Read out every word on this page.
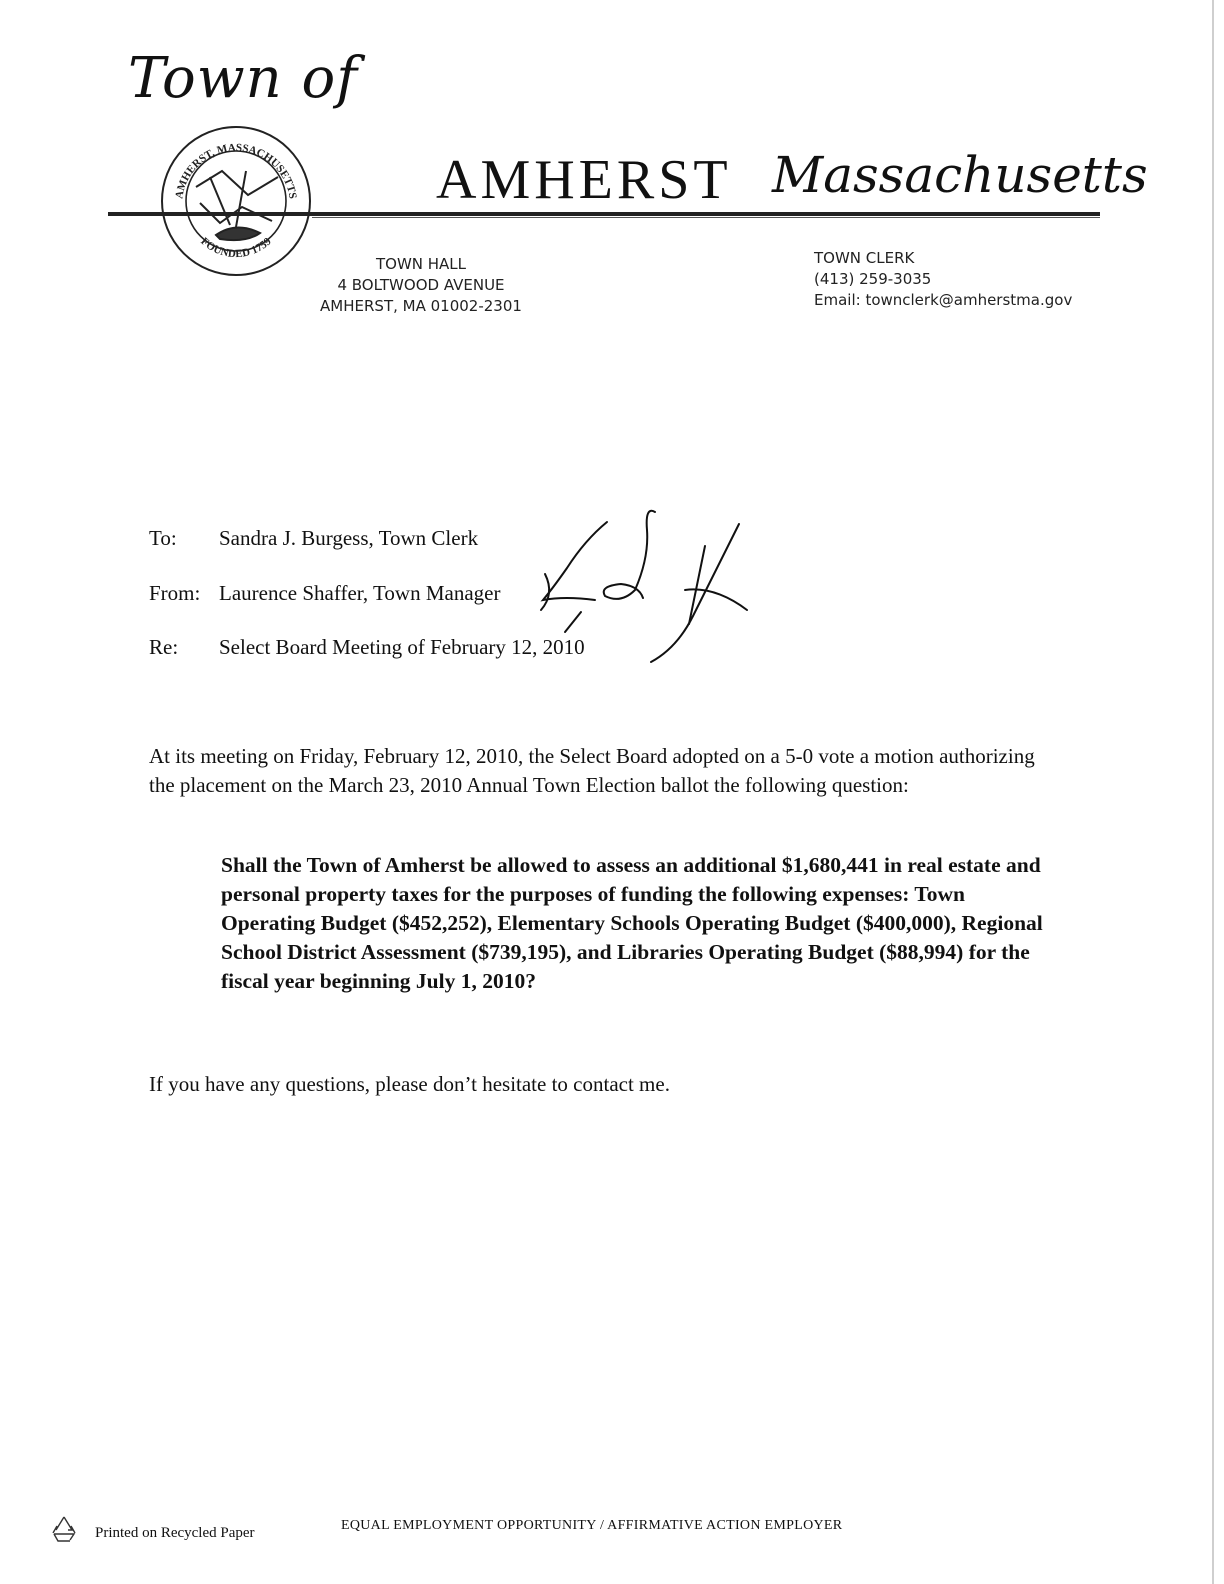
Town of
AMHERST, MASSACHUSETTS
FOUNDED 1759
AMHERST Massachusetts
TOWN HALL
4 BOLTWOOD AVENUE
AMHERST, MA 01002-2301
TOWN CLERK
(413) 259-3035
Email: townclerk@amherstma.gov
To: Sandra J. Burgess, Town Clerk
From: Laurence Shaffer, Town Manager
Re: Select Board Meeting of February 12, 2010
At its meeting on Friday, February 12, 2010, the Select Board adopted on a 5-0 vote a motion authorizing the placement on the March 23, 2010 Annual Town Election ballot the following question:
Shall the Town of Amherst be allowed to assess an additional $1,680,441 in real estate and personal property taxes for the purposes of funding the following expenses: Town Operating Budget ($452,252), Elementary Schools Operating Budget ($400,000), Regional School District Assessment ($739,195), and Libraries Operating Budget ($88,994) for the fiscal year beginning July 1, 2010?
If you have any questions, please don’t hesitate to contact me.
Printed on Recycled Paper	EQUAL EMPLOYMENT OPPORTUNITY / AFFIRMATIVE ACTION EMPLOYER
